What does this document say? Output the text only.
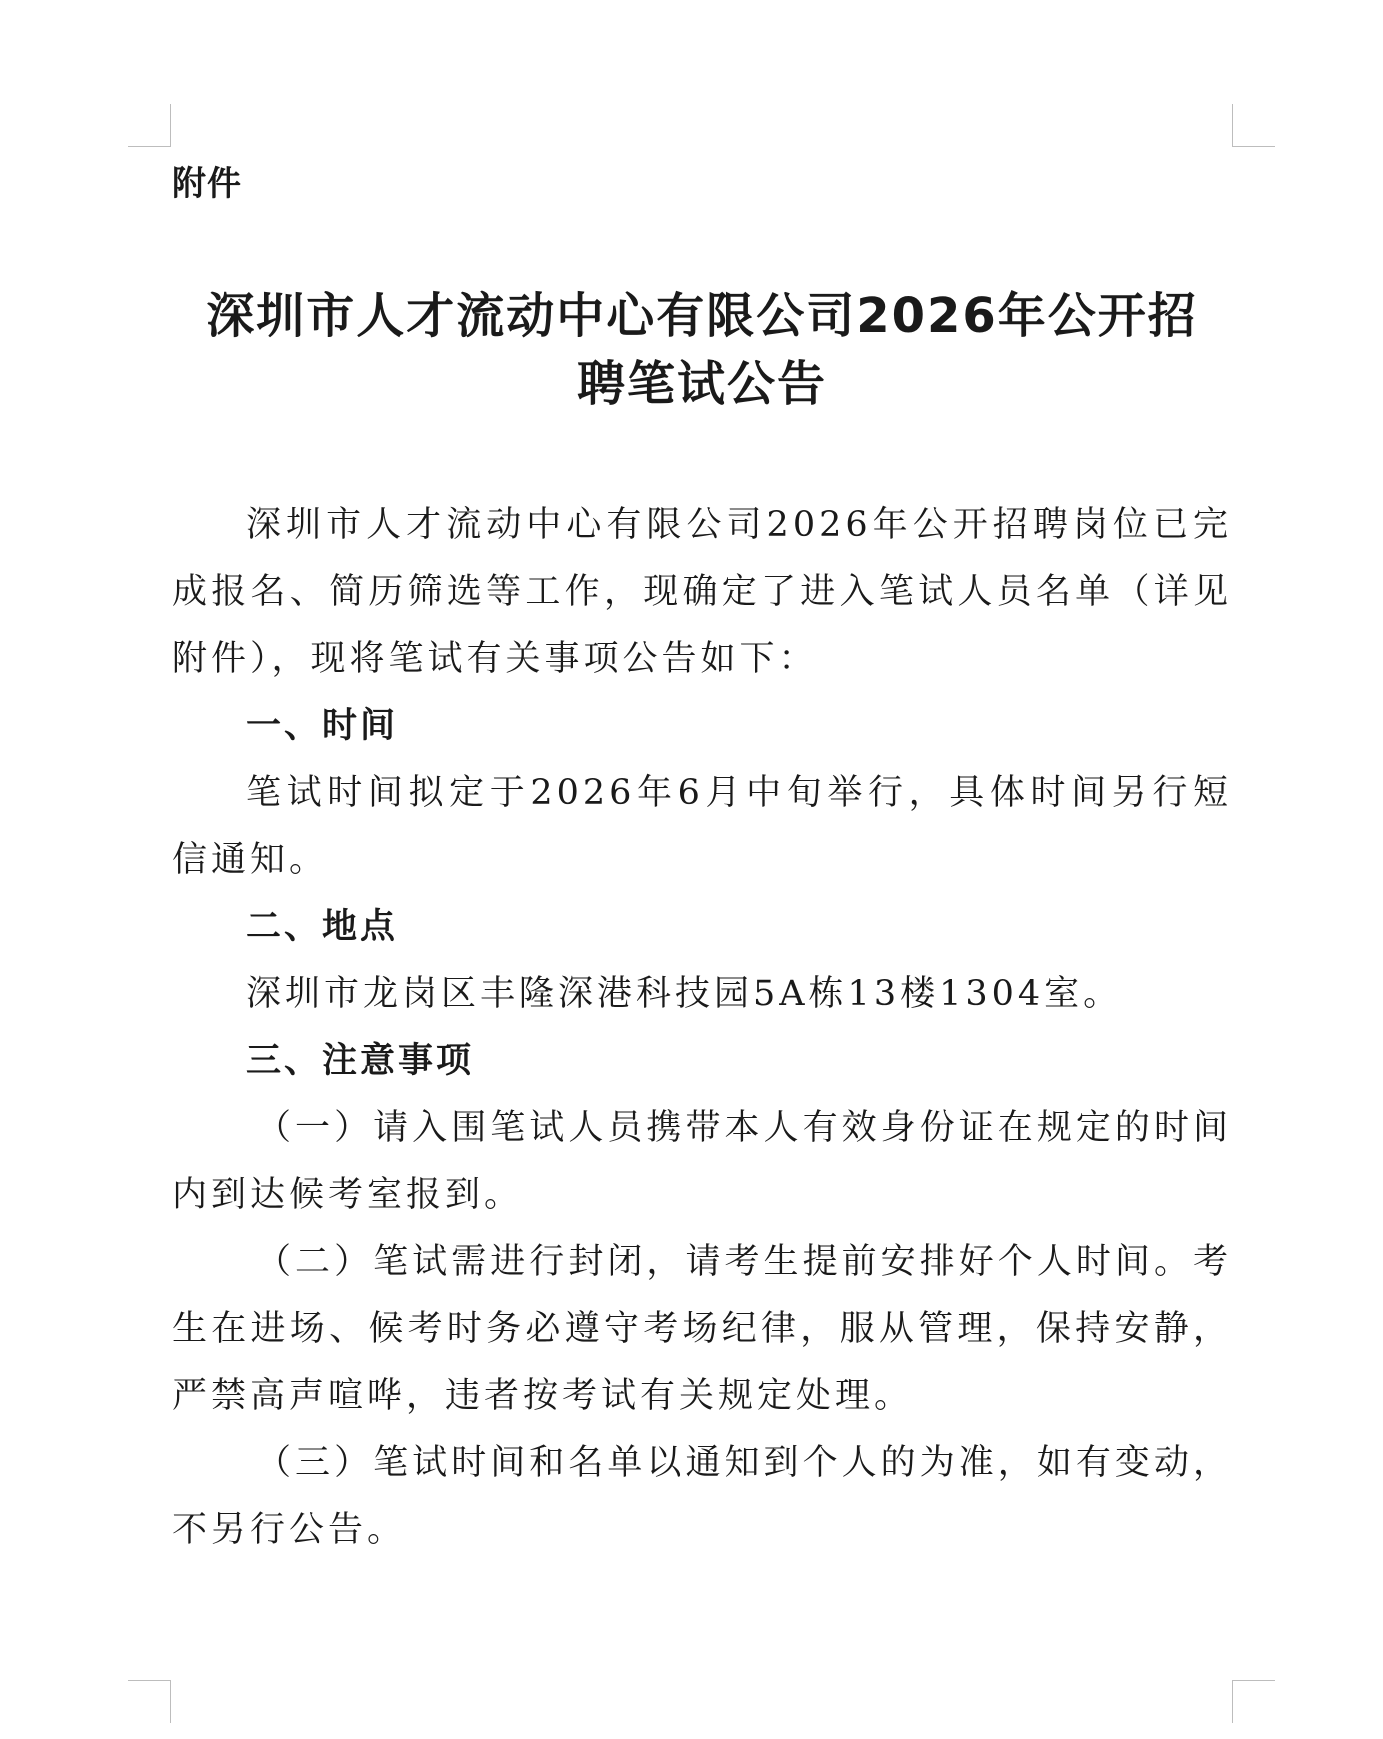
附件
深圳市人才流动中心有限公司2026年公开招
聘笔试公告

深圳市人才流动中心有限公司2026年公开招聘岗位已完成报名、简历筛选等工作，现确定了进入笔试人员名单（详见附件），现将笔试有关事项公告如下：

一、时间

笔试时间拟定于2026年6月中旬举行，具体时间另行短信通知。

二、地点

深圳市龙岗区丰隆深港科技园5A栋13楼1304室。

三、注意事项

（一）请入围笔试人员携带本人有效身份证在规定的时间内到达候考室报到。

（二）笔试需进行封闭，请考生提前安排好个人时间。考生在进场、候考时务必遵守考场纪律，服从管理，保持安静，严禁高声喧哗，违者按考试有关规定处理。

（三）笔试时间和名单以通知到个人的为准，如有变动，不另行公告。
